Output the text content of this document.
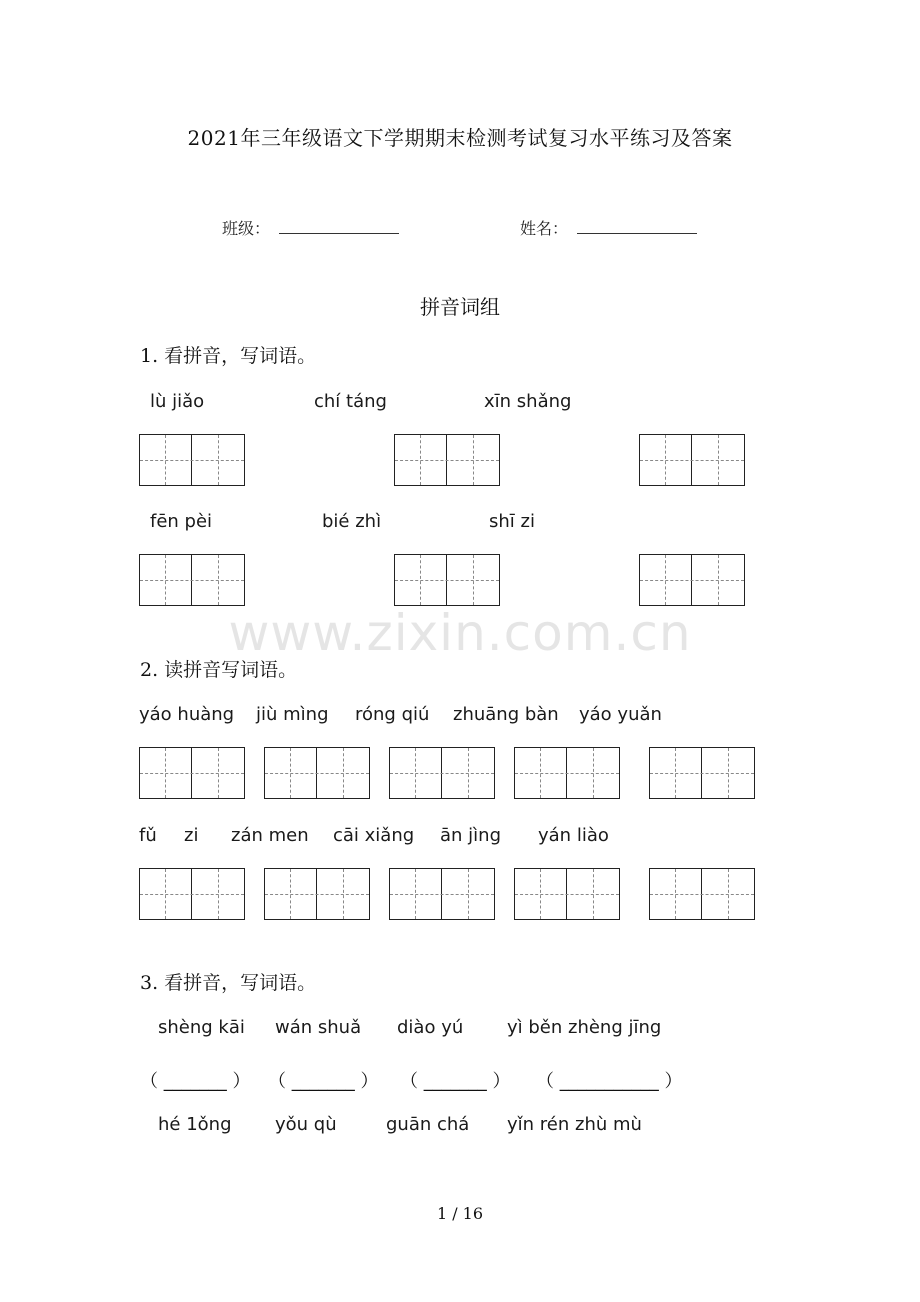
2021年三年级语文下学期期末检测考试复习水平练习及答案
班级：	姓名：
拼音词组
1. 看拼音，写词语。
lù jiǎo	chí táng	xīn shǎng
fēn pèi	bié zhì	shī zi
www.zixin.com.cn
2. 读拼音写词语。
yáo huàng jiù mìng róng qiú zhuāng bàn yáo yuǎn
fǔ zi zán men cāi xiǎng ān jìng yán liào
3. 看拼音，写词语。
shèng kāi wán shuǎ diào yú yì běn zhèng jīng
（ _______ ） （ _______ ） （ _______ ） （ ___________ ）
hé 1ǒng yǒu qù	guān chá yǐn rén zhù mù
1 / 16
